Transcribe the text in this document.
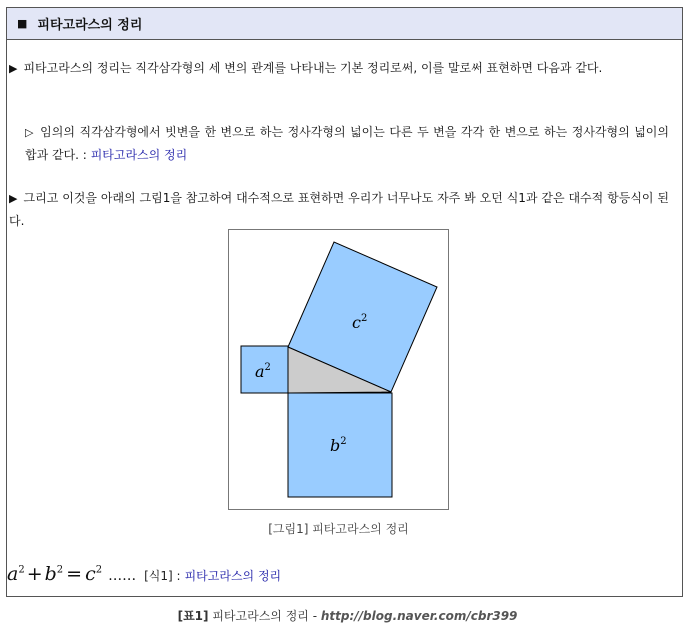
■ 피타고라스의 정리
▶ 피타고라스의 정리는 직각삼각형의 세 변의 관계를 나타내는 기본 정리로써, 이를 말로써 표현하면 다음과 같다.
▷ 임의의 직각삼각형에서 빗변을 한 변으로 하는 정사각형의 넓이는 다른 두 변을 각각 한 변으로 하는 정사각형의 넓이의 합과 같다. : 피타고라스의 정리
▶ 그리고 이것을 아래의 그림1을 참고하여 대수적으로 표현하면 우리가 너무나도 자주 봐 오던 식1과 같은 대수적 항등식이 된다.
$c^2$
$a^2$
$b^2$
[그림1] 피타고라스의 정리
$a^2 + b^2 = c^2$ …… [식1] : 피타고라스의 정리
[표1] 피타고라스의 정리 - http://blog.naver.com/cbr399
